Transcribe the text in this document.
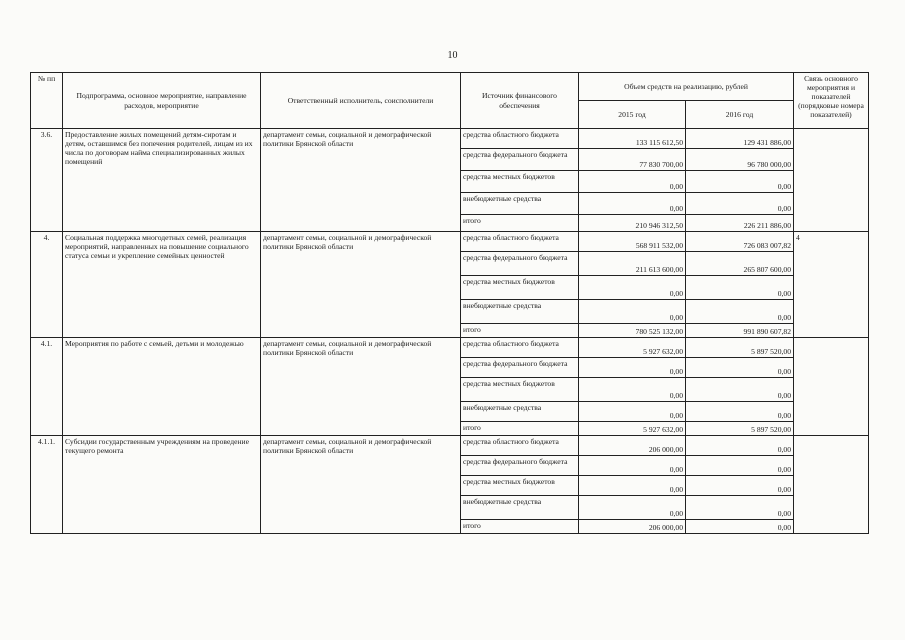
10
№ пп	Подпрограмма, основное мероприятие, направление расходов, мероприятие	Ответственный исполнитель, соисполнители	Источник финансового обеспечения	Объем средств на реализацию, рублей		Связь основного мероприятия и показателей (порядковые номера показателей)
				2015 год	2016 год	
3.6.	Предоставление жилых помещений детям-сиротам и детям, оставшимся без попечения родителей, лицам из их числа по договорам найма специализированных жилых помещений	департамент семьи, социальной и демографической политики Брянской области	средства областного бюджета	133 115 612,50	129 431 886,00	
			средства федерального бюджета	77 830 700,00	96 780 000,00	
			средства местных бюджетов	0,00	0,00	
			внебюджетные средства	0,00	0,00	
			итого	210 946 312,50	226 211 886,00	
4.	Социальная поддержка многодетных семей, реализация мероприятий, направленных на повышение социального статуса семьи и укрепление семейных ценностей	департамент семьи, социальной и демографической политики Брянской области	средства областного бюджета	568 911 532,00	726 083 007,82	4
			средства федерального бюджета	211 613 600,00	265 807 600,00	
			средства местных бюджетов	0,00	0,00	
			внебюджетные средства	0,00	0,00	
			итого	780 525 132,00	991 890 607,82	
4.1.	Мероприятия по работе с семьей, детьми и молодежью	департамент семьи, социальной и демографической политики Брянской области	средства областного бюджета	5 927 632,00	5 897 520,00	
			средства федерального бюджета	0,00	0,00	
			средства местных бюджетов	0,00	0,00	
			внебюджетные средства	0,00	0,00	
			итого	5 927 632,00	5 897 520,00	
4.1.1.	Субсидии государственным учреждениям на проведение текущего ремонта	департамент семьи, социальной и демографической политики Брянской области	средства областного бюджета	206 000,00	0,00	
			средства федерального бюджета	0,00	0,00	
			средства местных бюджетов	0,00	0,00	
			внебюджетные средства	0,00	0,00	
			итого	206 000,00	0,00	
